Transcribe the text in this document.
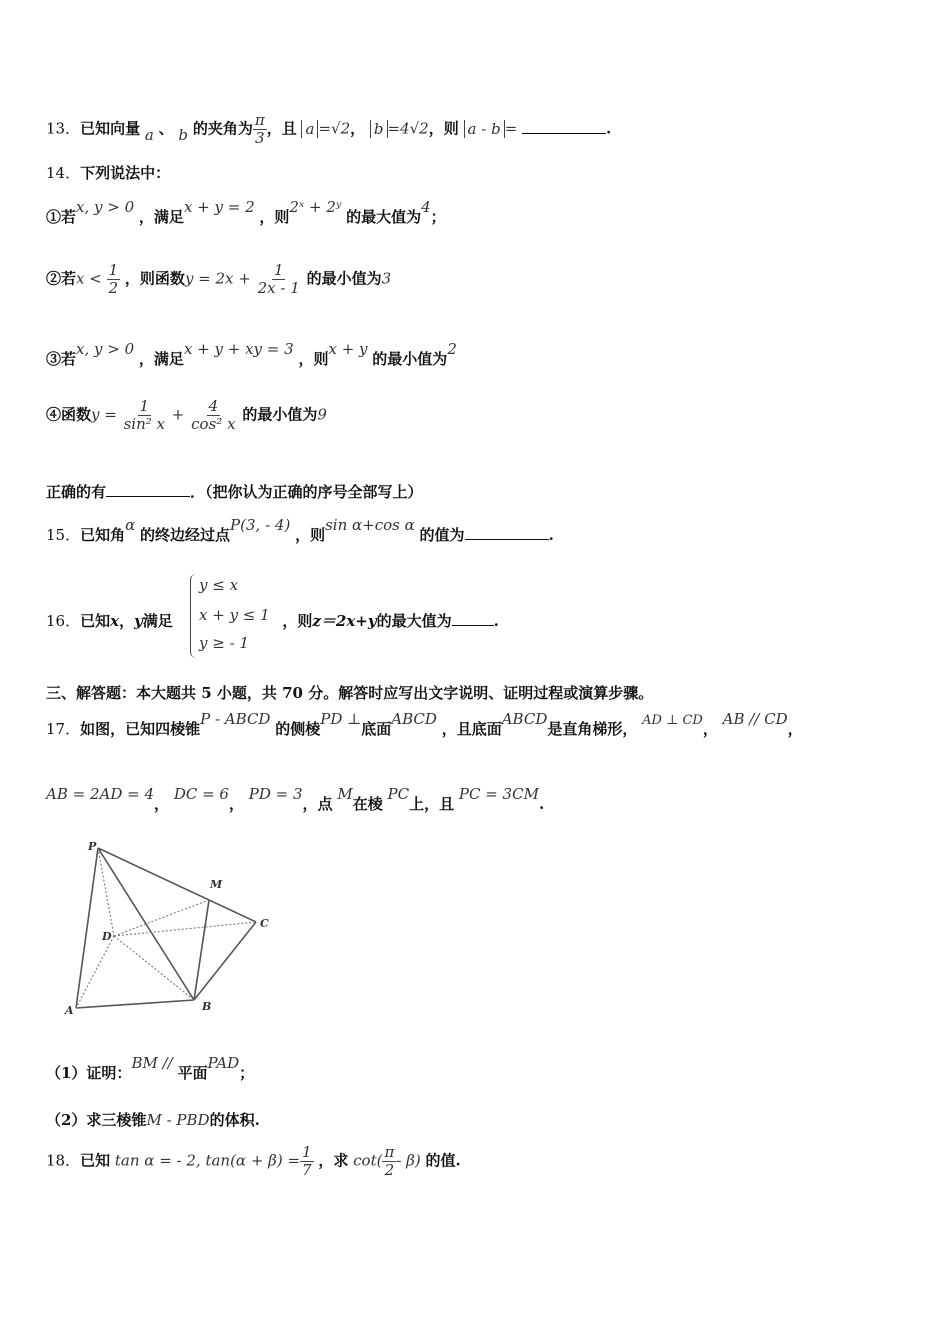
13．已知向量 a 、 b 的夹角为 $\frac{\pi}{3}$ ，且 a =√2， b =4√2，则 a - b =	.
14．下列说法中：
①若x, y > 0 ，满足x + y = 2 ，则2ˣ + 2ʸ 的最大值为4；
②若$x < \frac{1}{2}$ ，则函数$y = 2x + \frac{1}{2x - 1}$ 的最小值为3
③若x, y > 0 ，满足x + y + xy = 3 ，则x + y 的最小值为2
④函数$y = \frac{1}{\text{sin² x}} + \frac{4}{\text{cos² x}}$ 的最小值为9
正确的有	．（把你认为正确的序号全部写上）
15．已知角α 的终边经过点P(3, - 4) ，则sin α+cos α 的值为	.
y ≤ x
x + y ≤ 1
y ≥ - 1
16．已知x，y满足	，则z＝2x+y的最大值为	.
三、解答题：本大题共 5 小题，共 70 分。解答时应写出文字说明、证明过程或演算步骤。
17．如图，已知四棱锥P - ABCD 的侧棱PD ⊥底面ABCD ，且底面ABCD是直角梯形， AD ⊥ CD， AB // CD，
AB = 2AD = 4， DC = 6， PD = 3，点 M在棱 PC上，且 PC = 3CM.
P
M
C
D
A	B
（1）证明：BM // 平面PAD；
（2）求三棱锥M - PBD的体积.
18．已知 tan α = - 2, $\tan(\alpha + \beta) = \frac{1}{7}$ ，求 $\cot( \frac{\pi}{2} - \beta)$ 的值.
